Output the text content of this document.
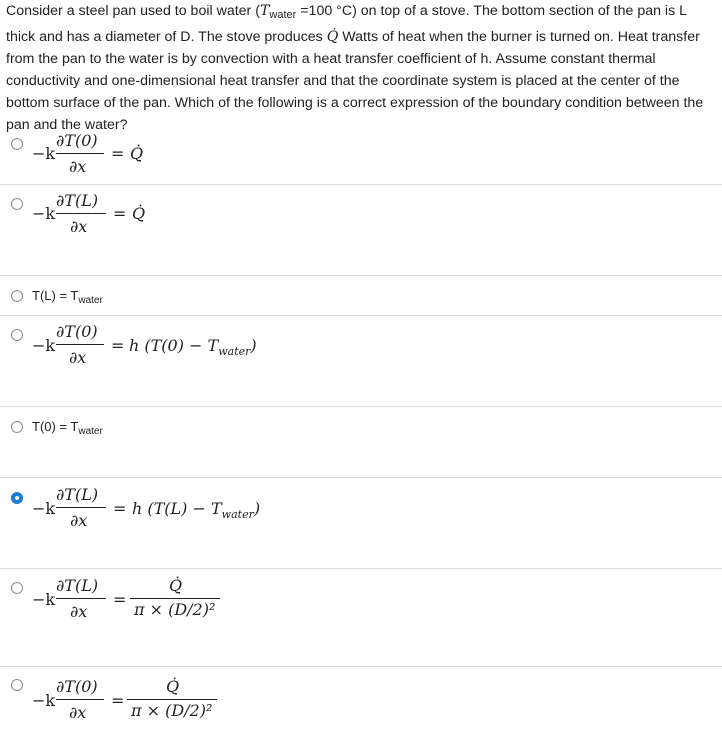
Consider a steel pan used to boil water ($T_{water} =100$ °C) on top of a stove. The bottom section of the pan is L thick and has a diameter of D. The stove produces Q̇ Watts of heat when the burner is turned on. Heat transfer from the pan to the water is by convection with a heat transfer coefficient of h. Assume constant thermal conductivity and one-dimensional heat transfer and that the coordinate system is placed at the center of the bottom surface of the pan. Which of the following is a correct expression of the boundary condition between the pan and the water?
−k
∂T(0)
∂x
= Q̇
−k
∂T(L)
∂x
= Q̇
$T(L) = T_{water}$
−k
∂T(0)
∂x
= h $(T(0) - T_{water})$
$T(0) = T_{water}$
−k
∂T(L)
∂x
= h $(T(L) - T_{water})$
−k
∂T(L)
∂x
=
Q̇
π × (D/2)²
−k
∂T(0)
∂x
=
Q̇
π × (D/2)²
